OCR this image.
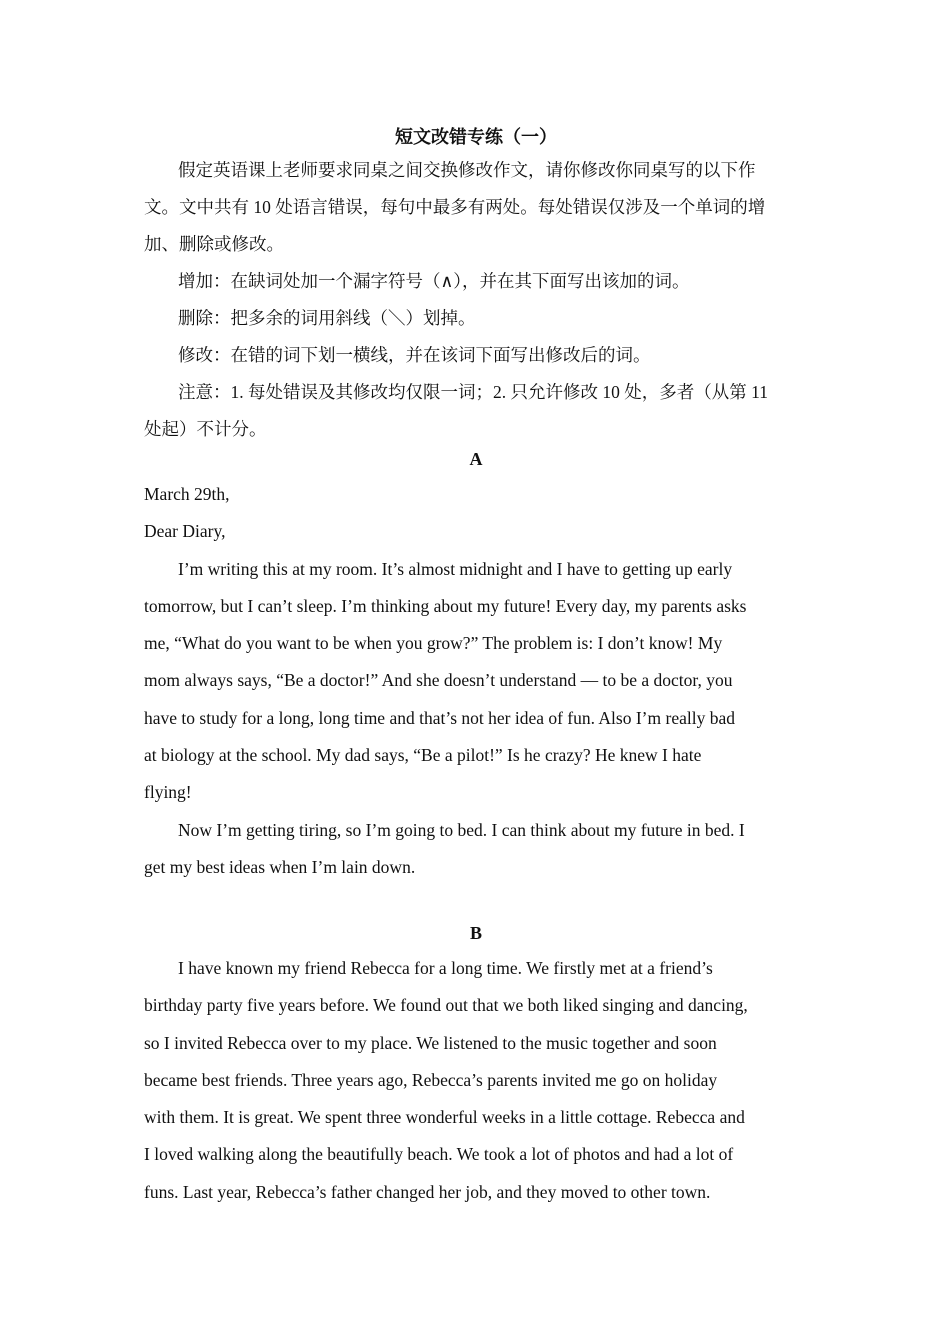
短文改错专练（一）

假定英语课上老师要求同桌之间交换修改作文，请你修改你同桌写的以下作

文。文中共有 10 处语言错误，每句中最多有两处。每处错误仅涉及一个单词的增
加、删除或修改。

增加：在缺词处加一个漏字符号（∧），并在其下面写出该加的词。

删除：把多余的词用斜线（＼）划掉。

修改：在错的词下划一横线，并在该词下面写出修改后的词。

注意：1. 每处错误及其修改均仅限一词；2. 只允许修改 10 处，多者（从第 11

处起）不计分。

A

March 29th,

Dear Diary,

I’m writing this at my room. It’s almost midnight and I have to getting up early
tomorrow, but I can’t sleep. I’m thinking about my future! Every day, my parents asks
me, “What do you want to be when you grow?” The problem is: I don’t know! My
mom always says, “Be a doctor!” And she doesn’t understand — to be a doctor, you
have to study for a long, long time and that’s not her idea of fun. Also I’m really bad
at biology at the school. My dad says, “Be a pilot!” Is he crazy? He knew I hate
flying!

Now I’m getting tiring, so I’m going to bed. I can think about my future in bed. I
get my best ideas when I’m lain down.

B

I have known my friend Rebecca for a long time. We firstly met at a friend’s
birthday party five years before. We found out that we both liked singing and dancing,
so I invited Rebecca over to my place. We listened to the music together and soon
became best friends. Three years ago, Rebecca’s parents invited me go on holiday
with them. It is great. We spent three wonderful weeks in a little cottage. Rebecca and
I loved walking along the beautifully beach. We took a lot of photos and had a lot of
funs. Last year, Rebecca’s father changed her job, and they moved to other town.
